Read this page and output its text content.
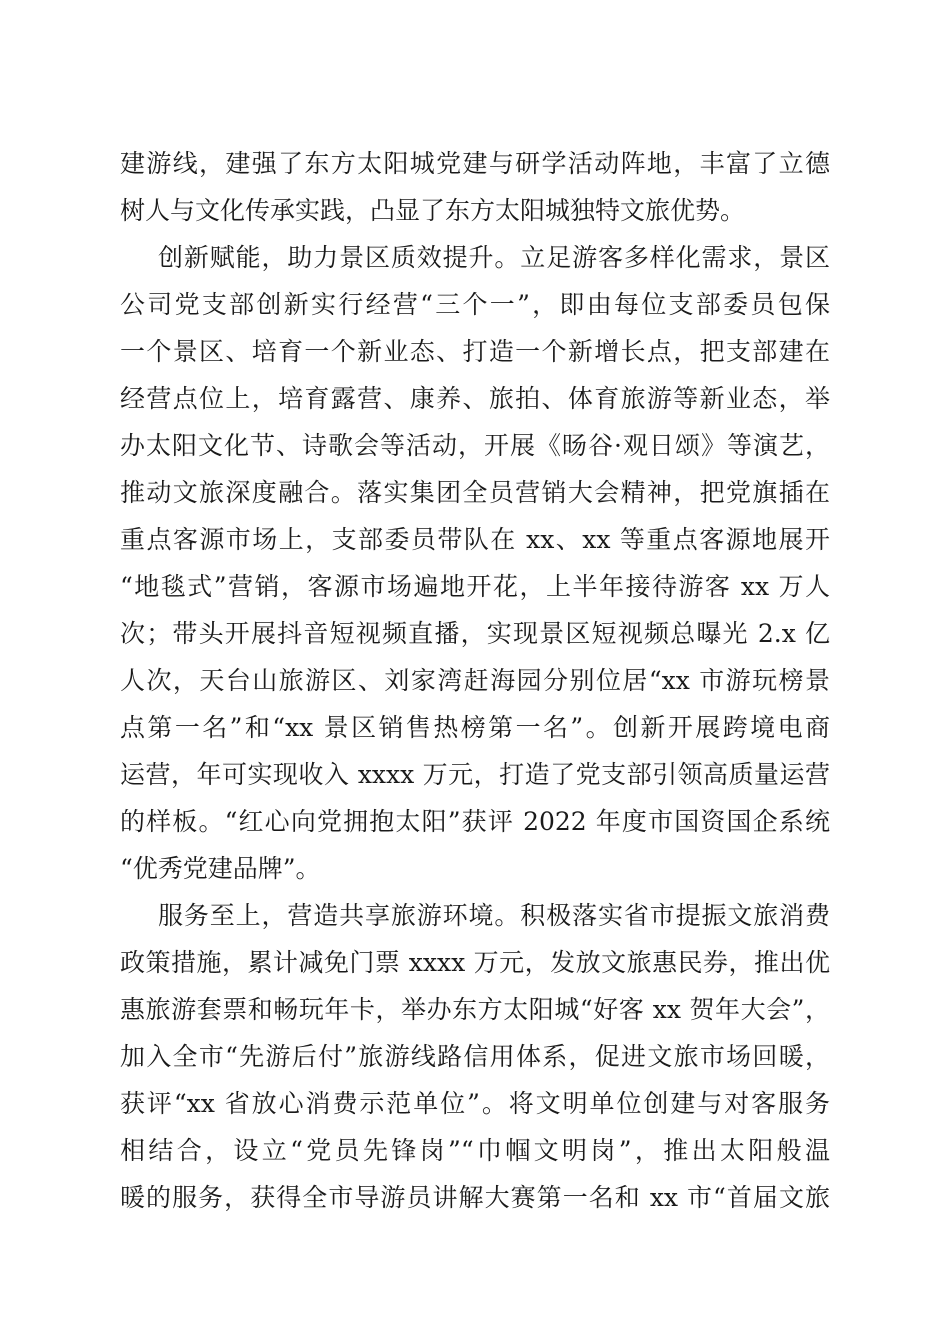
建游线，建强了东方太阳城党建与研学活动阵地，丰富了立德
树人与文化传承实践，凸显了东方太阳城独特文旅优势。
创新赋能，助力景区质效提升。立足游客多样化需求，景区
公司党支部创新实行经营“三个一”，即由每位支部委员包保
一个景区、培育一个新业态、打造一个新增长点，把支部建在
经营点位上，培育露营、康养、旅拍、体育旅游等新业态，举
办太阳文化节、诗歌会等活动，开展《旸谷·观日颂》等演艺，
推动文旅深度融合。落实集团全员营销大会精神，把党旗插在
重点客源市场上，支部委员带队在 xx、xx 等重点客源地展开
“地毯式”营销，客源市场遍地开花，上半年接待游客 xx 万人
次；带头开展抖音短视频直播，实现景区短视频总曝光 2.x 亿
人次，天台山旅游区、刘家湾赶海园分别位居“xx 市游玩榜景
点第一名”和“xx 景区销售热榜第一名”。创新开展跨境电商
运营，年可实现收入 xxxx 万元，打造了党支部引领高质量运营
的样板。“红心向党拥抱太阳”获评 2022 年度市国资国企系统
“优秀党建品牌”。
服务至上，营造共享旅游环境。积极落实省市提振文旅消费
政策措施，累计减免门票 xxxx 万元，发放文旅惠民券，推出优
惠旅游套票和畅玩年卡，举办东方太阳城“好客 xx 贺年大会”，
加入全市“先游后付”旅游线路信用体系，促进文旅市场回暖，
获评“xx 省放心消费示范单位”。将文明单位创建与对客服务
相结合，设立“党员先锋岗”“巾帼文明岗”，推出太阳般温
暖的服务，获得全市导游员讲解大赛第一名和 xx 市“首届文旅
